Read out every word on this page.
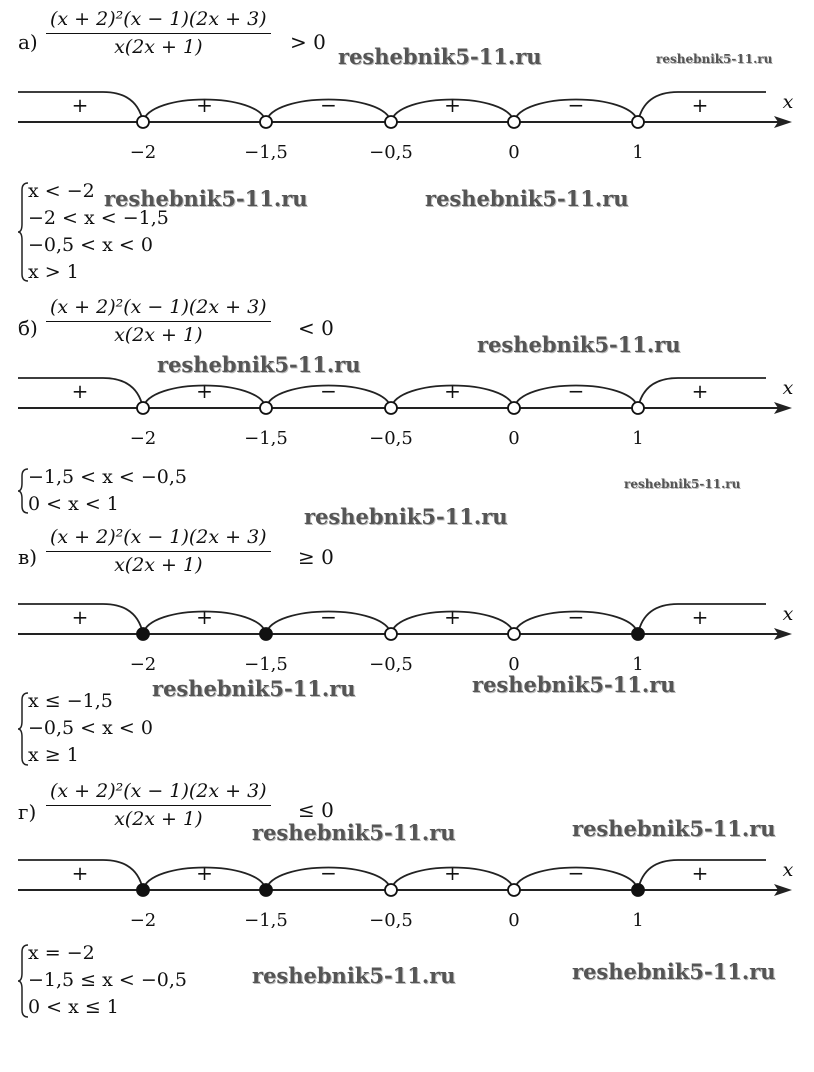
$а) \frac{\text{(x + 2)²(x − 1)(2x + 3)}}{x(2x + 1)} > 0$
+	+	−	+	−	+
−2	−1,5	−0,5	0	1
x
x < −2
−2 < x < −1,5
−0,5 < x < 0
x > 1
$б) \frac{\text{(x + 2)²(x − 1)(2x + 3)}}{x(2x + 1)} < 0$
+	+	−	+	−	+
−2	−1,5	−0,5	0	1
x
−1,5 < x < −0,5
0 < x < 1
$в) \frac{\text{(x + 2)²(x − 1)(2x + 3)}}{x(2x + 1)} \ge 0$
+	+	−	+	−	+
−2	−1,5	−0,5	0	1
x
x ≤ −1,5
−0,5 < x < 0
x ≥ 1
$г) \frac{\text{(x + 2)²(x − 1)(2x + 3)}}{x(2x + 1)} \le 0$
+	+	−	+	−	+
−2	−1,5	−0,5	0	1
x
x = −2
−1,5 ≤ x < −0,5
0 < x ≤ 1
reshebnik5-11.ru	reshebnik5-11.ru
reshebnik5-11.ru	reshebnik5-11.ru
reshebnik5-11.ru
reshebnik5-11.ru
reshebnik5-11.ru
reshebnik5-11.ru
reshebnik5-11.ru	reshebnik5-11.ru
reshebnik5-11.ru	reshebnik5-11.ru
reshebnik5-11.ru	reshebnik5-11.ru
